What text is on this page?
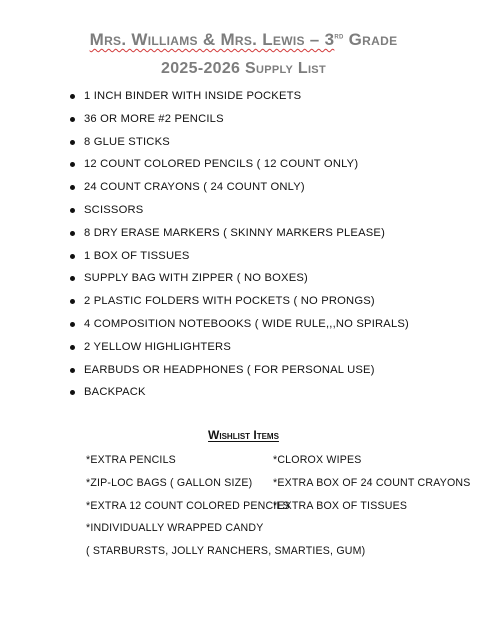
Mrs. Williams & Mrs. Lewis – 3rd Grade
2025-2026 Supply List
1 INCH BINDER WITH INSIDE POCKETS
36 OR MORE #2 PENCILS
8 GLUE STICKS
12 COUNT COLORED PENCILS ( 12 COUNT ONLY)
24 COUNT CRAYONS ( 24 COUNT ONLY)
SCISSORS
8 DRY ERASE MARKERS ( SKINNY MARKERS PLEASE)
1 BOX OF TISSUES
SUPPLY BAG WITH ZIPPER ( NO BOXES)
2 PLASTIC FOLDERS WITH POCKETS ( NO PRONGS)
4 COMPOSITION NOTEBOOKS ( WIDE RULE,,,NO SPIRALS)
2 YELLOW HIGHLIGHTERS
EARBUDS OR HEADPHONES ( FOR PERSONAL USE)
BACKPACK
Wishlist Items
*EXTRA PENCILS
*ZIP-LOC BAGS ( GALLON SIZE)
*EXTRA 12 COUNT COLORED PENCILS
*INDIVIDUALLY WRAPPED CANDY
( STARBURSTS, JOLLY RANCHERS, SMARTIES, GUM)
*CLOROX WIPES
*EXTRA BOX OF 24 COUNT CRAYONS
*EXTRA BOX OF TISSUES
